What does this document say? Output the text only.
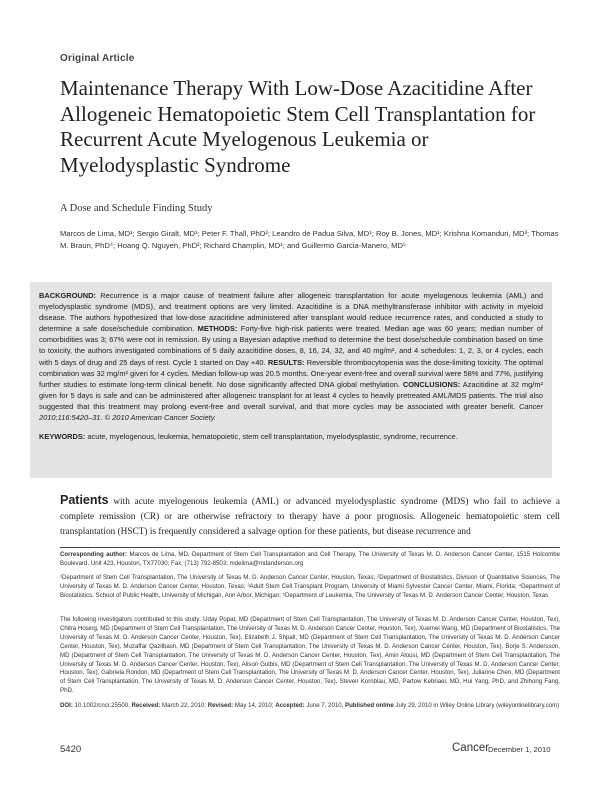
Original Article
Maintenance Therapy With Low-Dose Azacitidine After Allogeneic Hematopoietic Stem Cell Transplantation for Recurrent Acute Myelogenous Leukemia or Myelodysplastic Syndrome
A Dose and Schedule Finding Study
Marcos de Lima, MD¹; Sergio Giralt, MD¹; Peter F. Thall, PhD²; Leandro de Padua Silva, MD¹; Roy B. Jones, MD¹; Krishna Komanduri, MD³; Thomas M. Braun, PhD⁴; Hoang Q. Nguyen, PhD²; Richard Champlin, MD¹; and Guillermo Garcia-Manero, MD⁵
BACKGROUND: Recurrence is a major cause of treatment failure after allogeneic transplantation for acute myelogenous leukemia (AML) and myelodysplastic syndrome (MDS), and treatment options are very limited. Azacitidine is a DNA methyltransferase inhibitor with activity in myeloid disease. The authors hypothesized that low-dose azacitidine administered after transplant would reduce recurrence rates, and conducted a study to determine a safe dose/schedule combination. METHODS: Forty-five high-risk patients were treated. Median age was 60 years; median number of comorbidities was 3; 67% were not in remission. By using a Bayesian adaptive method to determine the best dose/schedule combination based on time to toxicity, the authors investigated combinations of 5 daily azacitidine doses, 8, 16, 24, 32, and 40 mg/m², and 4 schedules: 1, 2, 3, or 4 cycles, each with 5 days of drug and 25 days of rest. Cycle 1 started on Day +40. RESULTS: Reversible thrombocytopenia was the dose-limiting toxicity. The optimal combination was 32 mg/m² given for 4 cycles. Median follow-up was 20.5 months. One-year event-free and overall survival were 58% and 77%, justifying further studies to estimate long-term clinical benefit. No dose significantly affected DNA global methylation. CONCLUSIONS: Azacitidine at 32 mg/m² given for 5 days is safe and can be administered after allogeneic transplant for at least 4 cycles to heavily pretreated AML/MDS patients. The trial also suggested that this treatment may prolong event-free and overall survival, and that more cycles may be associated with greater benefit. Cancer 2010;116:5420–31. © 2010 American Cancer Society.
KEYWORDS: acute, myelogenous, leukemia, hematopoietic, stem cell transplantation, myelodysplastic, syndrome, recurrence.

Patients with acute myelogenous leukemia (AML) or advanced myelodysplastic syndrome (MDS) who fail to achieve a complete remission (CR) or are otherwise refractory to therapy have a poor prognosis. Allogeneic hematopoietic stem cell transplantation (HSCT) is frequently considered a salvage option for these patients, but disease recurrence and

Corresponding author: Marcos de Lima, MD, Department of Stem Cell Transplantation and Cell Therapy, The University of Texas M. D. Anderson Cancer Center, 1515 Holcombe Boulevard, Unit 423, Houston, TX77030; Fax: (713) 792-8503; mdelima@mdanderson.org

¹Department of Stem Cell Transplantation, The University of Texas M. D. Anderson Cancer Center, Houston, Texas; ²Department of Biostatistics, Division of Quantitative Sciences, The University of Texas M. D. Anderson Cancer Center, Houston, Texas; ³Adult Stem Cell Transplant Program, University of Miami Sylvester Cancer Center, Miami, Florida; ⁴Department of Biostatistics, School of Public Health, University of Michigan, Ann Arbor, Michigan; ⁵Department of Leukemia, The University of Texas M. D. Anderson Cancer Center, Houston, Texas

The following investigators contributed to this study: Uday Popat, MD (Department of Stem Cell Transplantation, The University of Texas M. D. Anderson Cancer Center, Houston, Tex), Chitra Hosing, MD (Department of Stem Cell Transplantation, The University of Texas M. D. Anderson Cancer Center, Houston, Tex), Xuemei Wang, MD (Department of Biostatistics, The University of Texas M. D. Anderson Cancer Center, Houston, Tex), Elizabeth J. Shpall, MD (Department of Stem Cell Transplantation, The University of Texas M. D. Anderson Cancer Center, Houston, Tex), Muzaffar Qazilbash, MD (Department of Stem Cell Transplantation, The University of Texas M. D. Anderson Cancer Center, Houston, Tex), Borje S. Andersson, MD (Department of Stem Cell Transplantation, The University of Texas M. D. Anderson Cancer Center, Houston, Tex), Amin Alousi, MD (Department of Stem Cell Transplantation, The University of Texas M. D. Anderson Cancer Center, Houston, Tex), Alison Gulbis, MD (Department of Stem Cell Transplantation, The University of Texas M. D. Anderson Cancer Center, Houston, Tex), Gabriela Rondon, MD (Department of Stem Cell Transplantation, The University of Texas M. D. Anderson Cancer Center, Houston, Tex), Julianne Chen, MD (Department of Stem Cell Transplantation, The University of Texas M. D. Anderson Cancer Center, Houston, Tex), Steven Kornblau, MD, Partow Kebriaei, MD, Hui Yang, PhD, and Zhihong Fang, PhD.

DOI: 10.1002/cncr.25500, Received: March 22, 2010; Revised: May 14, 2010; Accepted: June 7, 2010, Published online July 29, 2010 in Wiley Online Library (wileyonlinelibrary.com)

5420	Cancer
December 1, 2010
